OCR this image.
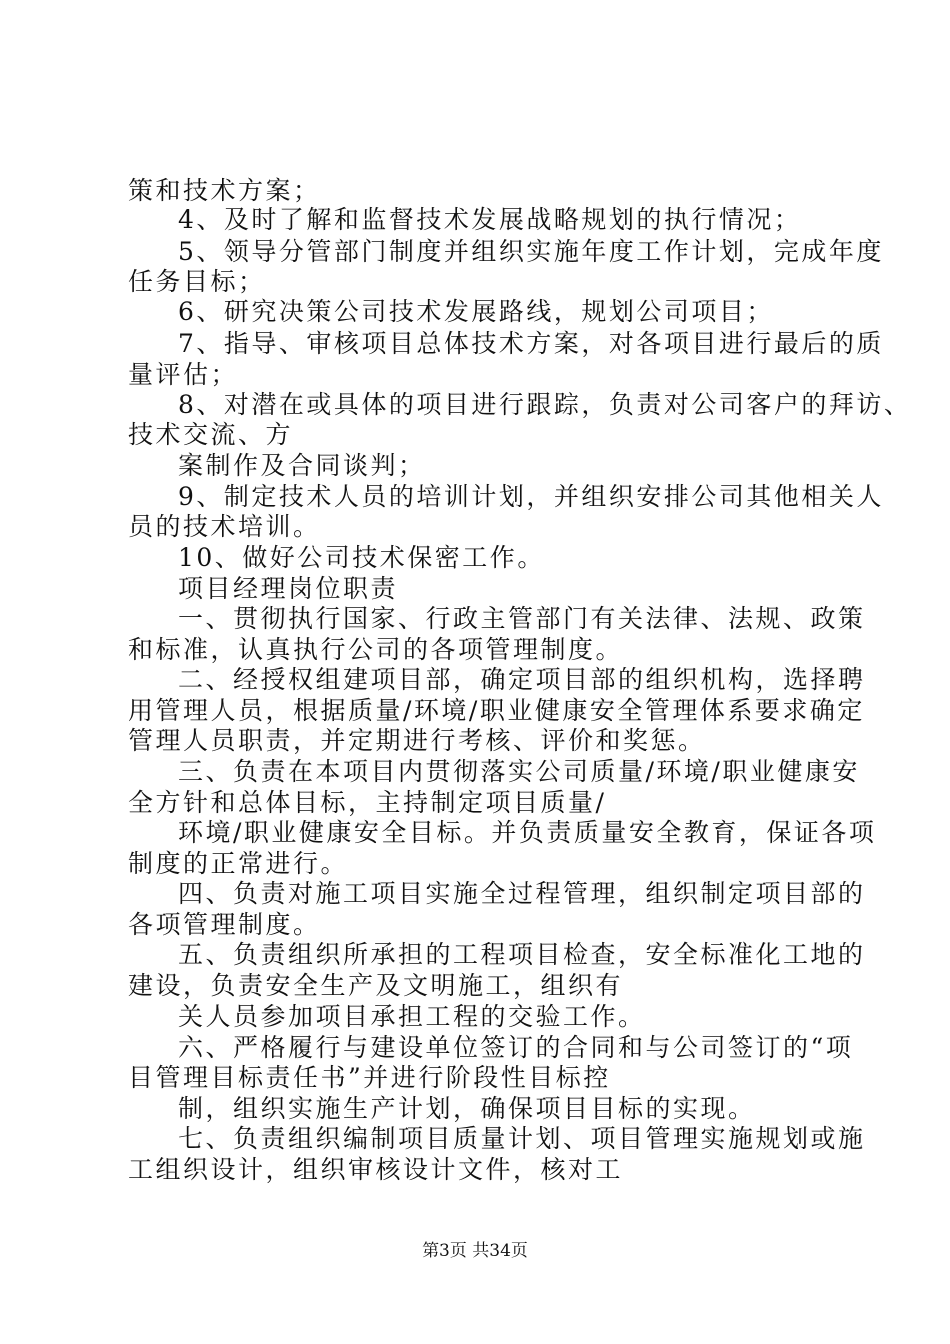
策和技术方案；
4、及时了解和监督技术发展战略规划的执行情况；
5、领导分管部门制度并组织实施年度工作计划，完成年度
任务目标；
6、研究决策公司技术发展路线，规划公司项目；
7、指导、审核项目总体技术方案，对各项目进行最后的质
量评估；
8、对潜在或具体的项目进行跟踪，负责对公司客户的拜访、
技术交流、方
案制作及合同谈判；
9、制定技术人员的培训计划，并组织安排公司其他相关人
员的技术培训。
10、做好公司技术保密工作。
项目经理岗位职责
一、贯彻执行国家、行政主管部门有关法律、法规、政策
和标准，认真执行公司的各项管理制度。
二、经授权组建项目部，确定项目部的组织机构，选择聘
用管理人员，根据质量/环境/职业健康安全管理体系要求确定
管理人员职责，并定期进行考核、评价和奖惩。
三、负责在本项目内贯彻落实公司质量/环境/职业健康安
全方针和总体目标，主持制定项目质量/
环境/职业健康安全目标。并负责质量安全教育，保证各项
制度的正常进行。
四、负责对施工项目实施全过程管理，组织制定项目部的
各项管理制度。
五、负责组织所承担的工程项目检查，安全标准化工地的
建设，负责安全生产及文明施工，组织有
关人员参加项目承担工程的交验工作。
六、严格履行与建设单位签订的合同和与公司签订的“项
目管理目标责任书”并进行阶段性目标控
制，组织实施生产计划，确保项目目标的实现。
七、负责组织编制项目质量计划、项目管理实施规划或施
工组织设计，组织审核设计文件，核对工
第3页 共34页
